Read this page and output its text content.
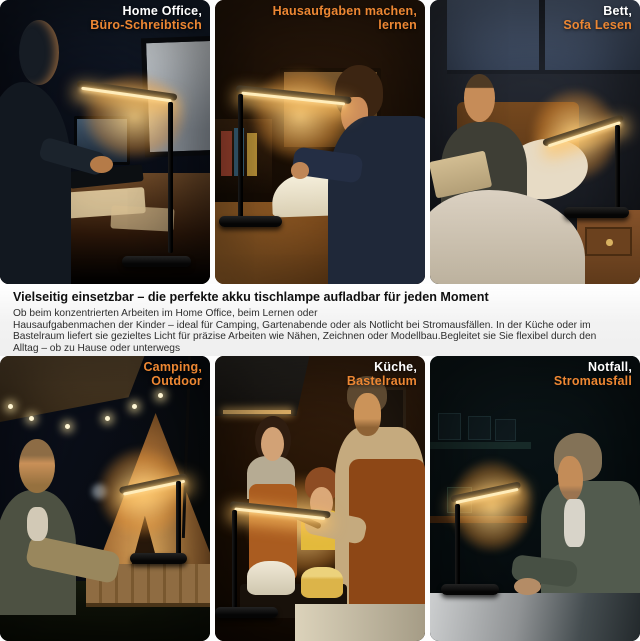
Home Office,
Büro-Schreibtisch
Hausaufgaben machen,
lernen
Bett,
Sofa Lesen
Vielseitig einsetzbar – die perfekte akku tischlampe aufladbar für jeden Moment

Ob beim konzentrierten Arbeiten im Home Office, beim Lernen oder

Hausaufgabenmachen der Kinder – ideal für Camping, Gartenabende oder als Notlicht bei Stromausfällen. In der Küche oder im

Bastelraum liefert sie gezieltes Licht für präzise Arbeiten wie Nähen, Zeichnen oder Modellbau.Begleitet sie Sie flexibel durch den

Alltag – ob zu Hause oder unterwegs

Camping,
Outdoor
Küche,
Bastelraum
Notfall,
Stromausfall
